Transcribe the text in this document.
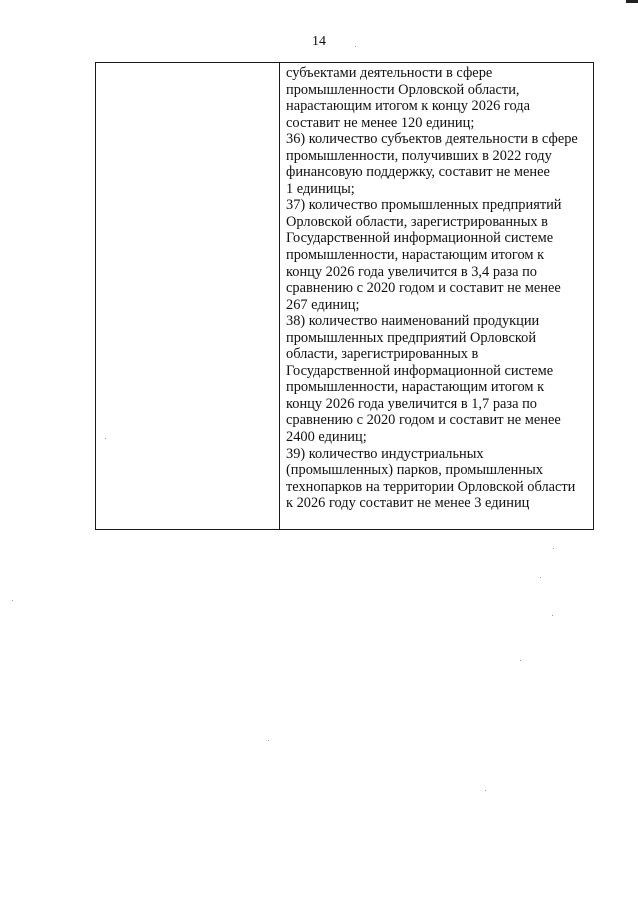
14

субъектами деятельности в сфере
промышленности Орловской области,
нарастающим итогом к концу 2026 года
составит не менее 120 единиц;
36) количество субъектов деятельности в сфере
промышленности, получивших в 2022 году
финансовую поддержку, составит не менее
1 единицы;
37) количество промышленных предприятий
Орловской области, зарегистрированных в
Государственной информационной системе
промышленности, нарастающим итогом к
концу 2026 года увеличится в 3,4 раза по
сравнению с 2020 годом и составит не менее
267 единиц;
38) количество наименований продукции
промышленных предприятий Орловской
области, зарегистрированных в
Государственной информационной системе
промышленности, нарастающим итогом к
концу 2026 года увеличится в 1,7 раза по
сравнению с 2020 годом и составит не менее
2400 единиц;
39) количество индустриальных
(промышленных) парков, промышленных
технопарков на территории Орловской области
к 2026 году составит не менее 3 единиц
